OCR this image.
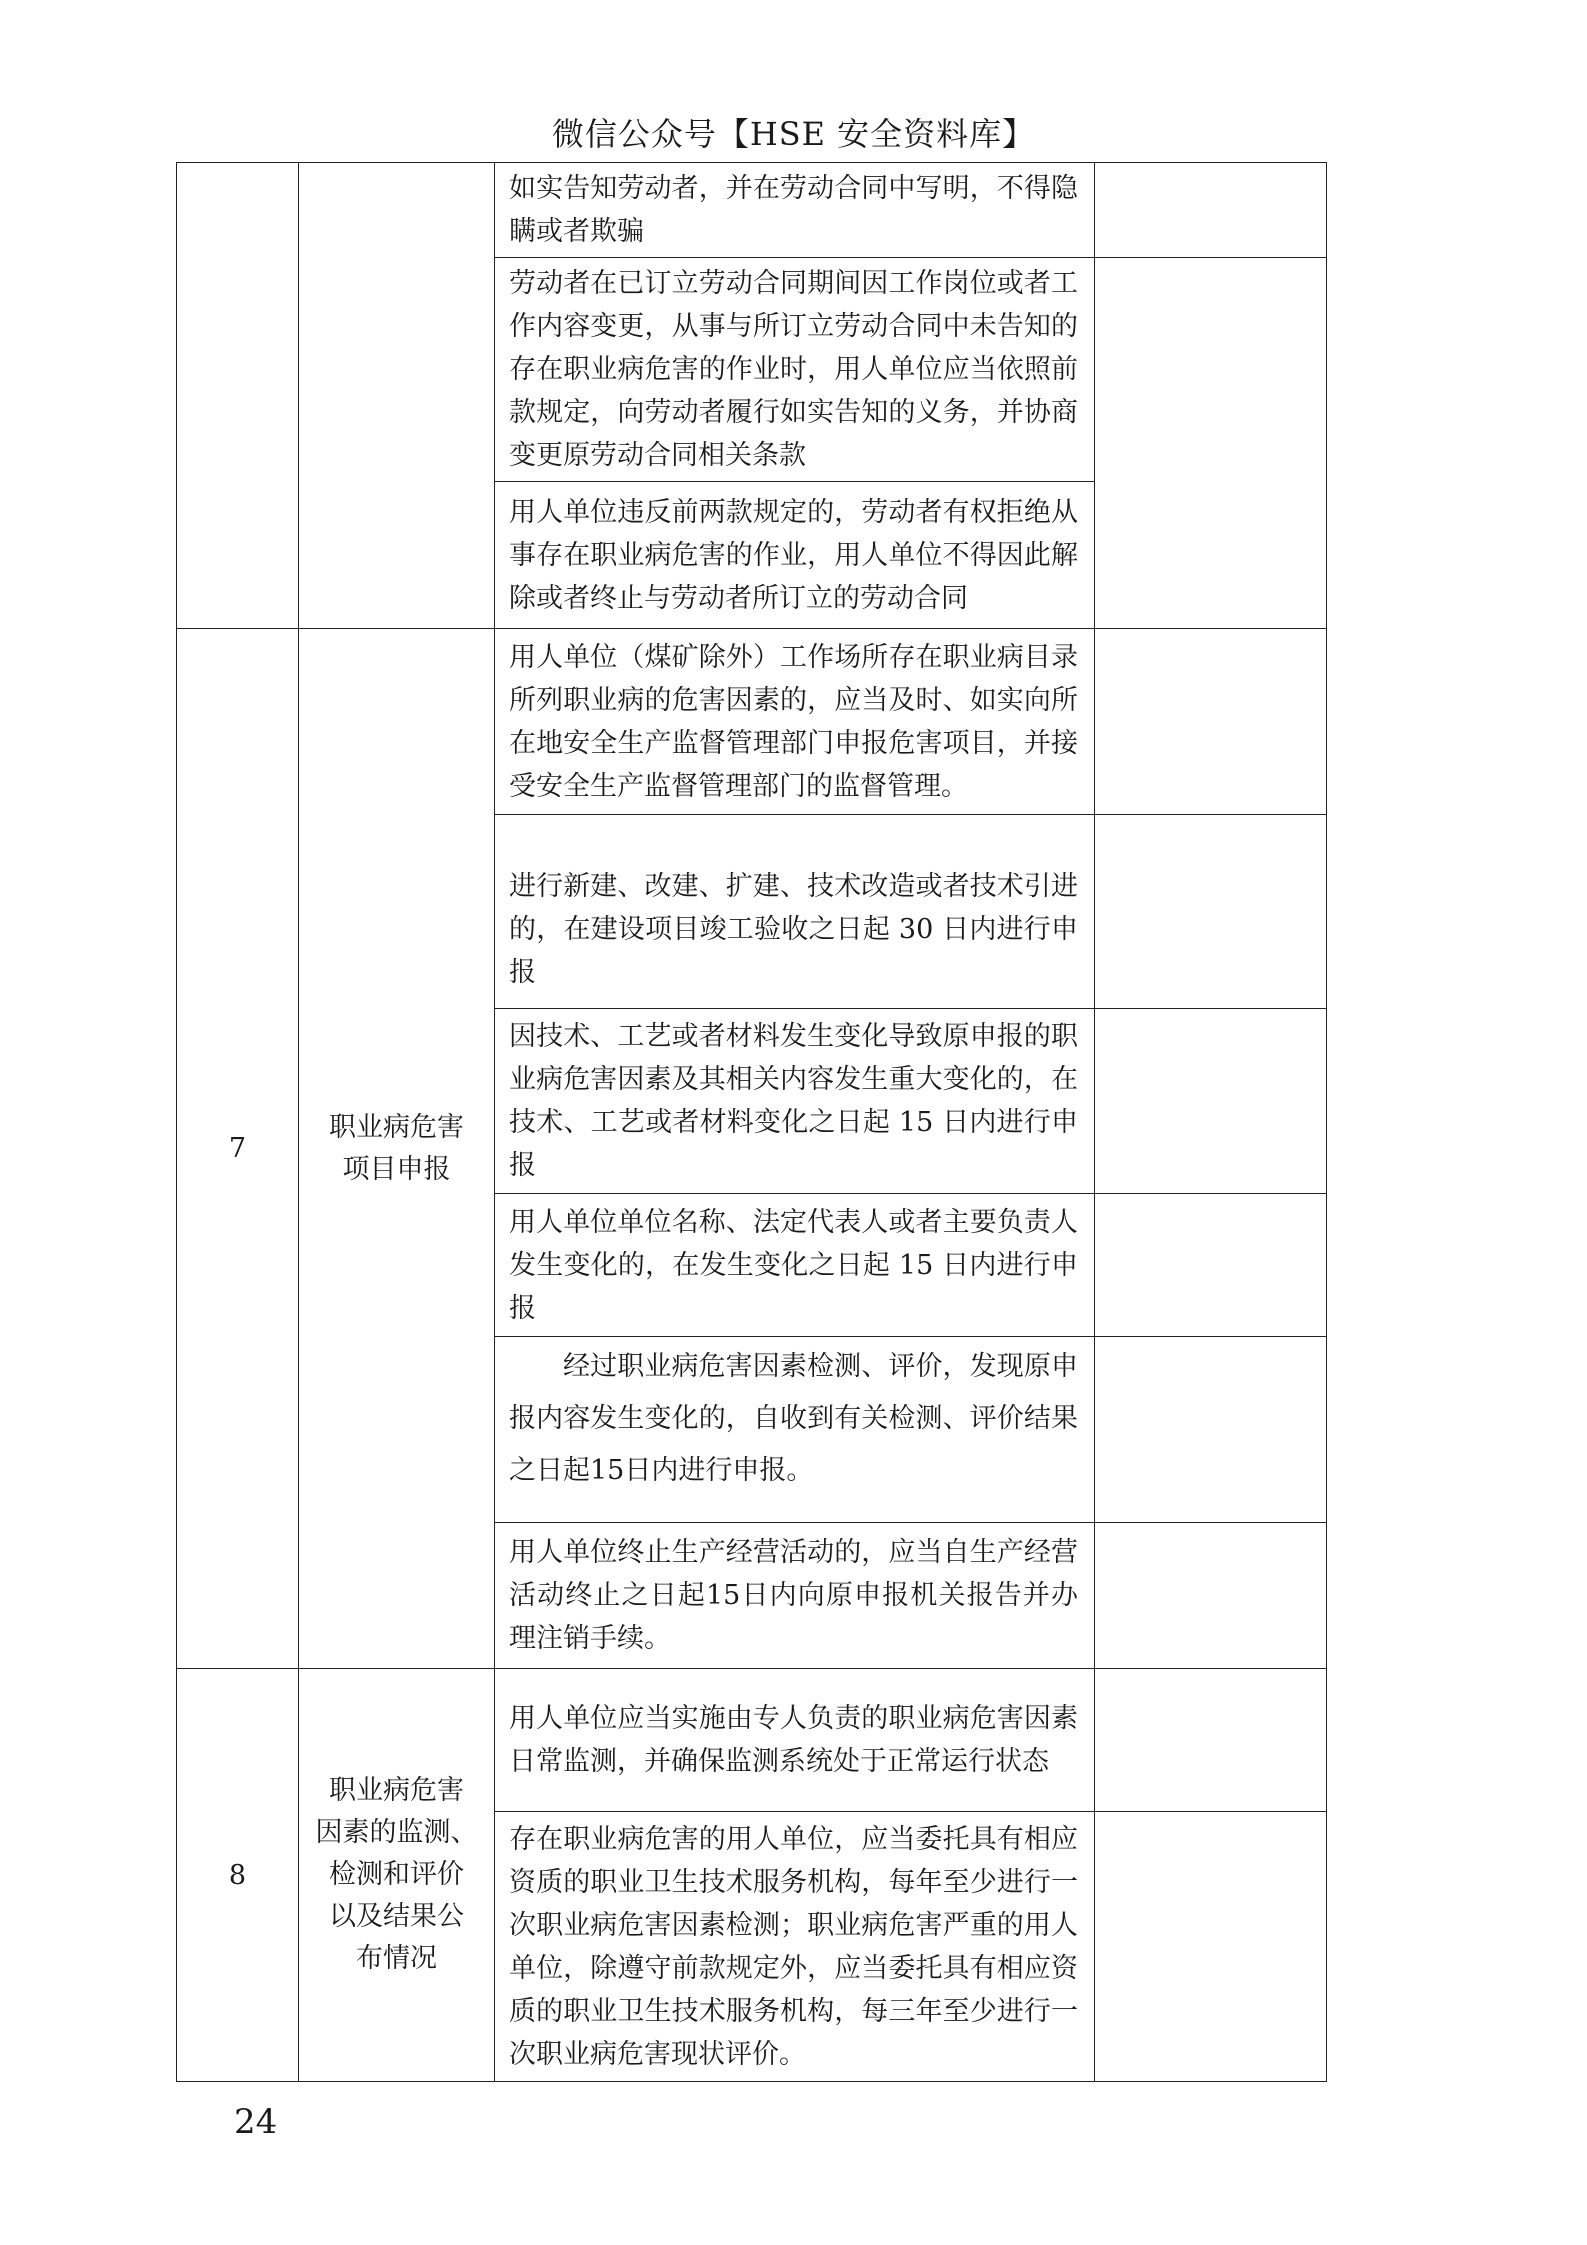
微信公众号【HSE 安全资料库】
		如实告知劳动者，并在劳动合同中写明，不得隐瞒或者欺骗	
		劳动者在已订立劳动合同期间因工作岗位或者工作内容变更，从事与所订立劳动合同中未告知的存在职业病危害的作业时，用人单位应当依照前款规定，向劳动者履行如实告知的义务，并协商变更原劳动合同相关条款	
		用人单位违反前两款规定的，劳动者有权拒绝从事存在职业病危害的作业，用人单位不得因此解除或者终止与劳动者所订立的劳动合同	
7	职业病危害
项目申报	用人单位（煤矿除外）工作场所存在职业病目录所列职业病的危害因素的，应当及时、如实向所在地安全生产监督管理部门申报危害项目，并接受安全生产监督管理部门的监督管理。	
		进行新建、改建、扩建、技术改造或者技术引进的，在建设项目竣工验收之日起 30 日内进行申报	
		因技术、工艺或者材料发生变化导致原申报的职业病危害因素及其相关内容发生重大变化的，在技术、工艺或者材料变化之日起 15 日内进行申报	
		用人单位单位名称、法定代表人或者主要负责人发生变化的，在发生变化之日起 15 日内进行申报	
		经过职业病危害因素检测、评价，发现原申报内容发生变化的，自收到有关检测、评价结果之日起15日内进行申报。	
		用人单位终止生产经营活动的，应当自生产经营活动终止之日起15日内向原申报机关报告并办理注销手续。	
8	职业病危害
因素的监测、
检测和评价
以及结果公
布情况	用人单位应当实施由专人负责的职业病危害因素日常监测，并确保监测系统处于正常运行状态	
		存在职业病危害的用人单位，应当委托具有相应资质的职业卫生技术服务机构，每年至少进行一次职业病危害因素检测；职业病危害严重的用人单位，除遵守前款规定外，应当委托具有相应资质的职业卫生技术服务机构，每三年至少进行一次职业病危害现状评价。	
24
